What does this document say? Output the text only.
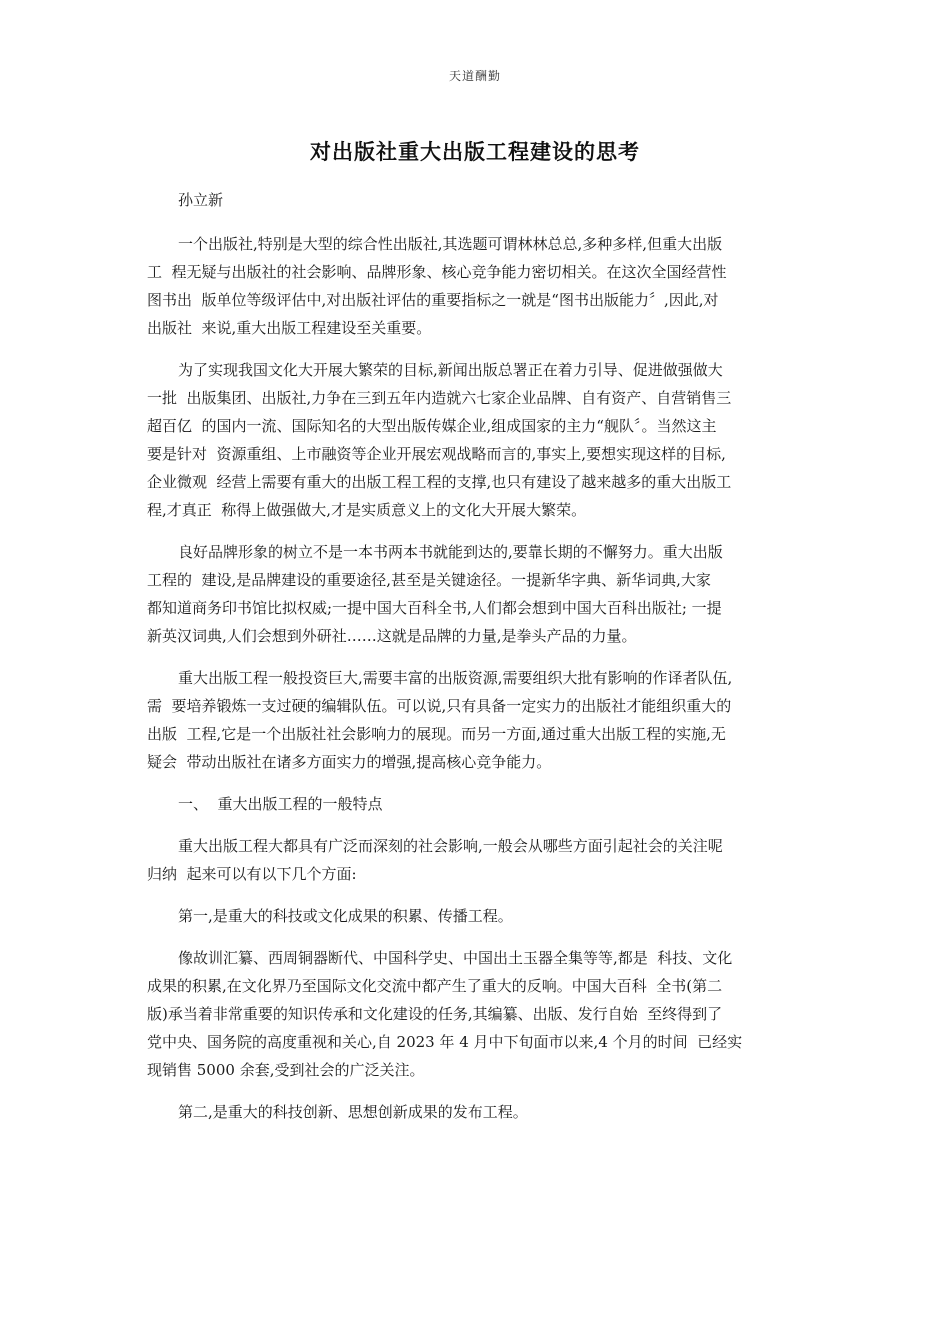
天道酬勤
对出版社重大出版工程建设的思考
孙立新

一个出版社,特别是大型的综合性出版社,其选题可谓林林总总,多种多样,但重大出版
工  程无疑与出版社的社会影响、品牌形象、核心竞争能力密切相关。在这次全国经营性
图书出  版单位等级评估中,对出版社评估的重要指标之一就是“图书出版能力〞,因此,对
出版社  来说,重大出版工程建设至关重要。

为了实现我国文化大开展大繁荣的目标,新闻出版总署正在着力引导、促进做强做大
一批  出版集团、出版社,力争在三到五年内造就六七家企业品牌、自有资产、自营销售三
超百亿  的国内一流、国际知名的大型出版传媒企业,组成国家的主力“舰队〞。当然这主
要是针对  资源重组、上市融资等企业开展宏观战略而言的,事实上,要想实现这样的目标,
企业微观  经营上需要有重大的出版工程工程的支撑,也只有建设了越来越多的重大出版工
程,才真正  称得上做强做大,才是实质意义上的文化大开展大繁荣。

良好品牌形象的树立不是一本书两本书就能到达的,要靠长期的不懈努力。重大出版
工程的  建设,是品牌建设的重要途径,甚至是关键途径。一提新华字典、新华词典,大家
都知道商务印书馆比拟权威;一提中国大百科全书,人们都会想到中国大百科出版社; 一提
新英汉词典,人们会想到外研社……这就是品牌的力量,是拳头产品的力量。

重大出版工程一般投资巨大,需要丰富的出版资源,需要组织大批有影响的作译者队伍,
需  要培养锻炼一支过硬的编辑队伍。可以说,只有具备一定实力的出版社才能组织重大的
出版  工程,它是一个出版社社会影响力的展现。而另一方面,通过重大出版工程的实施,无
疑会  带动出版社在诸多方面实力的增强,提高核心竞争能力。

一、  重大出版工程的一般特点

重大出版工程大都具有广泛而深刻的社会影响,一般会从哪些方面引起社会的关注呢
归纳  起来可以有以下几个方面:

第一,是重大的科技或文化成果的积累、传播工程。

像故训汇纂、西周铜器断代、中国科学史、中国出土玉器全集等等,都是  科技、文化
成果的积累,在文化界乃至国际文化交流中都产生了重大的反响。中国大百科  全书(第二
版)承当着非常重要的知识传承和文化建设的任务,其编纂、出版、发行自始  至终得到了
党中央、国务院的高度重视和关心,自 2023 年 4 月中下旬面市以来,4 个月的时间  已经实
现销售 5000 余套,受到社会的广泛关注。

第二,是重大的科技创新、思想创新成果的发布工程。
